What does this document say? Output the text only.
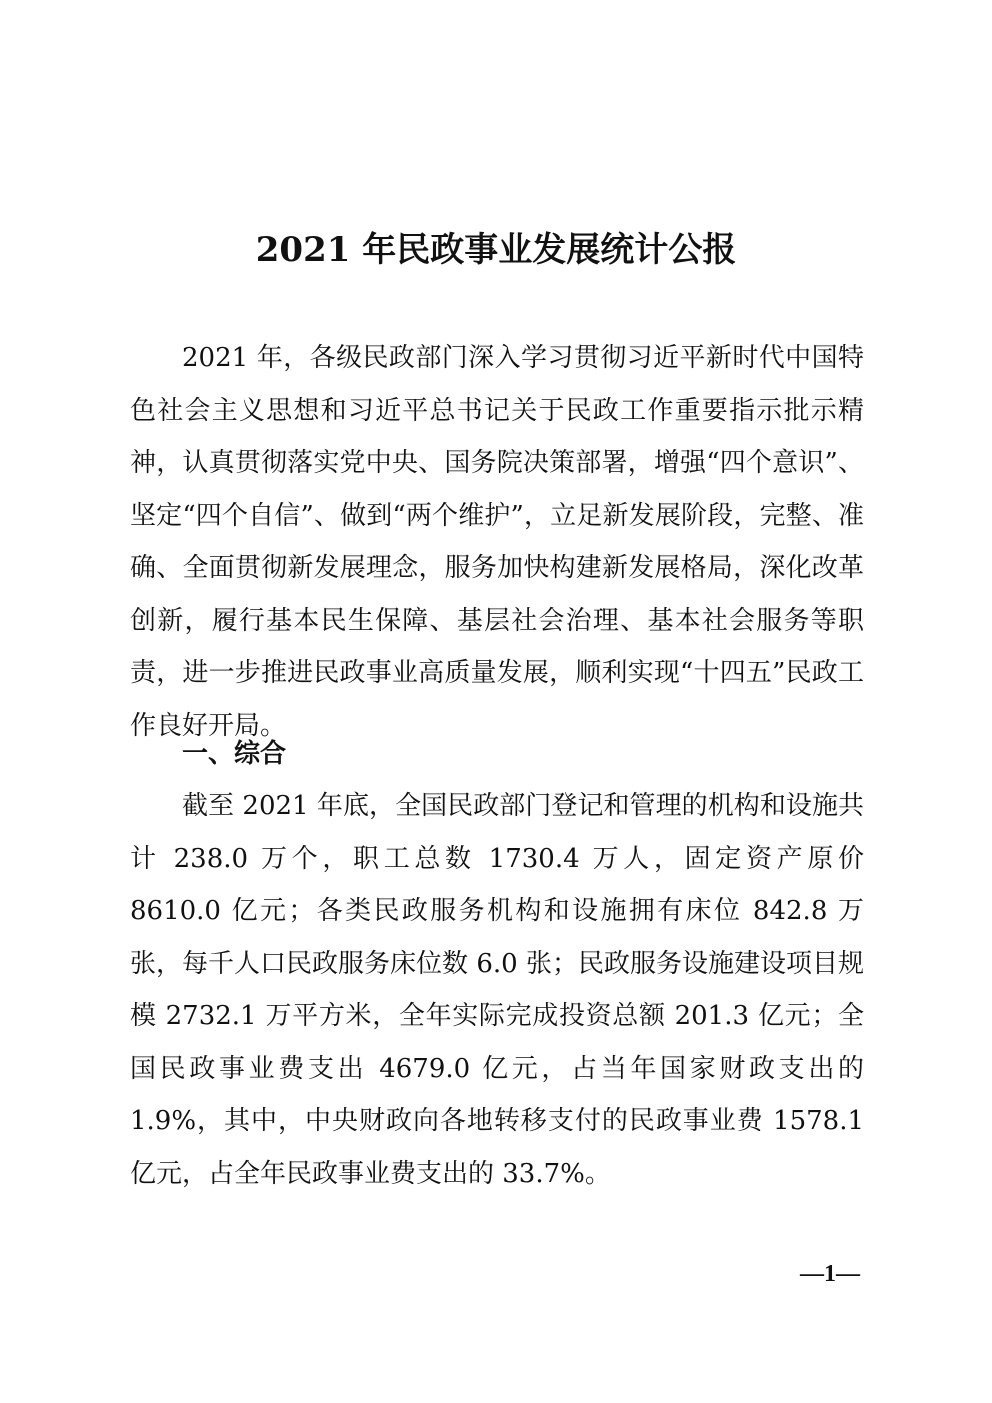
2021 年民政事业发展统计公报

2021 年，各级民政部门深入学习贯彻习近平新时代中国特色社会主义思想和习近平总书记关于民政工作重要指示批示精神，认真贯彻落实党中央、国务院决策部署，增强“四个意识”、坚定“四个自信”、做到“两个维护”，立足新发展阶段，完整、准确、全面贯彻新发展理念，服务加快构建新发展格局，深化改革创新，履行基本民生保障、基层社会治理、基本社会服务等职责，进一步推进民政事业高质量发展，顺利实现“十四五”民政工作良好开局。

一、综合

截至 2021 年底，全国民政部门登记和管理的机构和设施共计 238.0 万个，职工总数 1730.4 万人，固定资产原价 8610.0 亿元；各类民政服务机构和设施拥有床位 842.8 万张，每千人口民政服务床位数 6.0 张；民政服务设施建设项目规模 2732.1 万平方米，全年实际完成投资总额 201.3 亿元；全国民政事业费支出 4679.0 亿元，占当年国家财政支出的 1.9%，其中，中央财政向各地转移支付的民政事业费 1578.1 亿元，占全年民政事业费支出的 33.7%。

—1—
